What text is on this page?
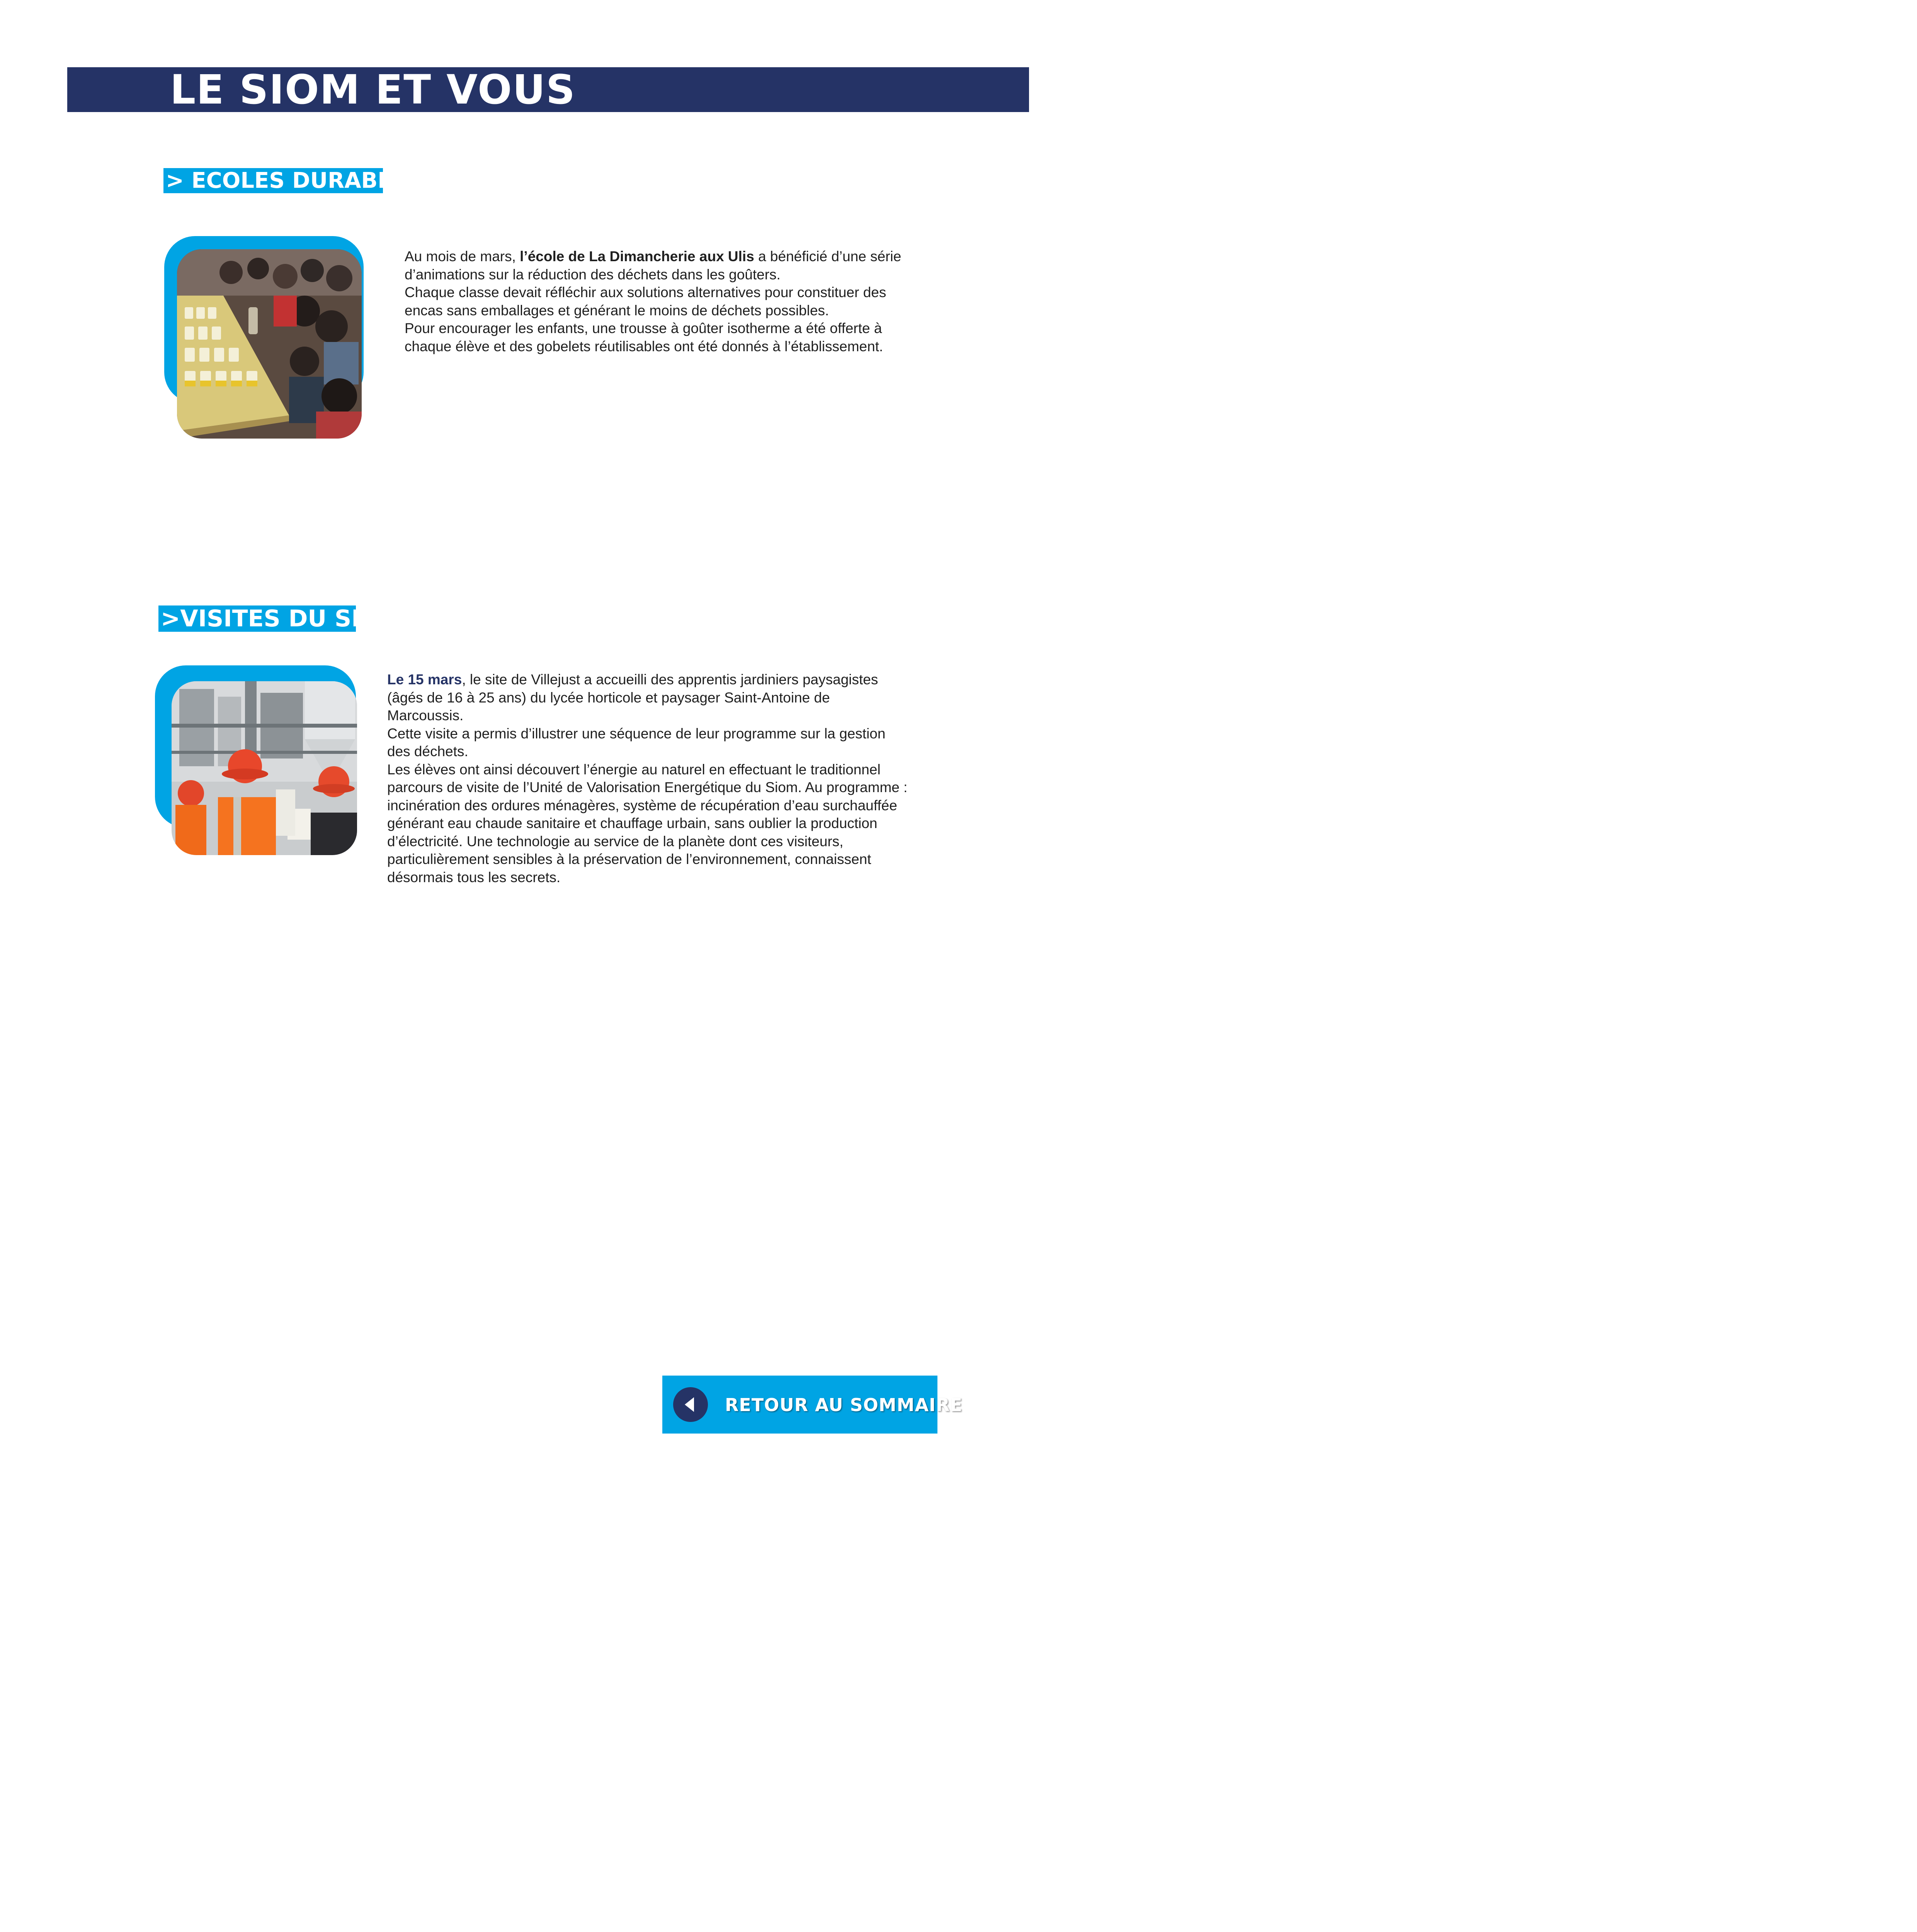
LE SIOM ET VOUS
> ECOLES DURABLES

Au mois de mars, l’école de La Dimancherie aux Ulis a bénéficié d’une série

d’animations sur la réduction des déchets dans les goûters.

Chaque classe devait réfléchir aux solutions alternatives pour constituer des

encas sans emballages et générant le moins de déchets possibles.

Pour encourager les enfants, une trousse à goûter isotherme a été offerte à

chaque élève et des gobelets réutilisables ont été donnés à l’établissement.

>VISITES DU SITE

Le 15 mars, le site de Villejust a accueilli des apprentis jardiniers paysagistes

(âgés de 16 à 25 ans) du lycée horticole et paysager Saint-Antoine de

Marcoussis.

Cette visite a permis d’illustrer une séquence de leur programme sur la gestion

des déchets.

Les élèves ont ainsi découvert l’énergie au naturel en effectuant le traditionnel

parcours de visite de l’Unité de Valorisation Energétique du Siom. Au programme :

incinération des ordures ménagères, système de récupération d’eau surchauffée

générant eau chaude sanitaire et chauffage urbain, sans oublier la production

d’électricité. Une technologie au service de la planète dont ces visiteurs,

particulièrement sensibles à la préservation de l’environnement, connaissent

désormais tous les secrets.

RETOUR AU SOMMAIRE
